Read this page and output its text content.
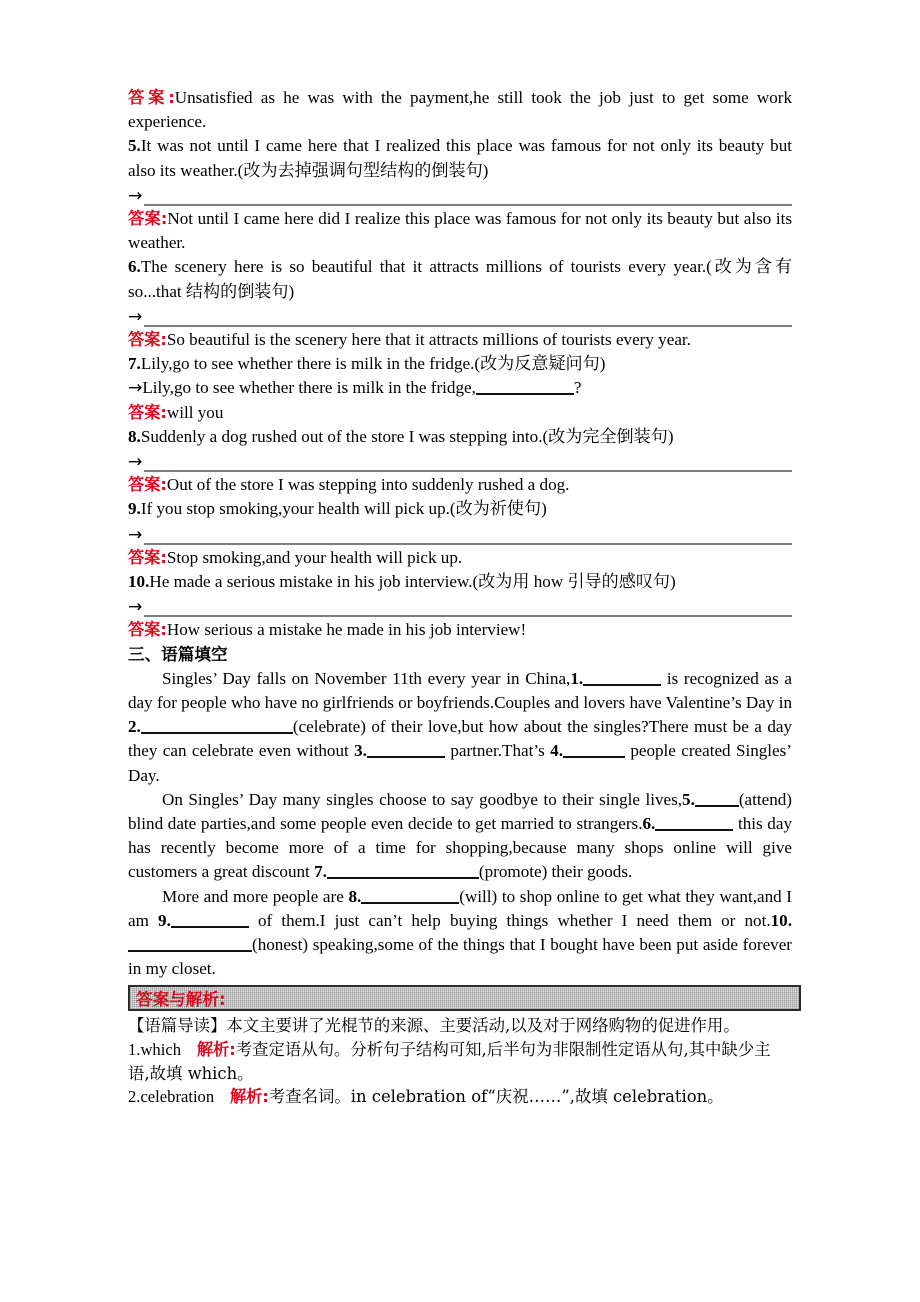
答案:Unsatisfied as he was with the payment,he still took the job just to get some work experience.

5.It was not until I came here that I realized this place was famous for not only its beauty but also its weather.(改为去掉强调句型结构的倒装句)

→

答案:Not until I came here did I realize this place was famous for not only its beauty but also its weather.

6.The scenery here is so beautiful that it attracts millions of tourists every year.(改为含有 so...that 结构的倒装句)

→

答案:So beautiful is the scenery here that it attracts millions of tourists every year.

7.Lily,go to see whether there is milk in the fridge.(改为反意疑问句)

→Lily,go to see whether there is milk in the fridge,	?

答案:will you

8.Suddenly a dog rushed out of the store I was stepping into.(改为完全倒装句)

→

答案:Out of the store I was stepping into suddenly rushed a dog.

9.If you stop smoking,your health will pick up.(改为祈使句)

→

答案:Stop smoking,and your health will pick up.

10.He made a serious mistake in his job interview.(改为用 how 引导的感叹句)

→

答案:How serious a mistake he made in his job interview!

三、语篇填空

Singles’ Day falls on November 11th every year in China,1.	is recognized as a day for people who have no girlfriends or boyfriends.Couples and lovers have Valentine’s Day in 2.	(celebrate) of their love,but how about the singles?There must be a day they can celebrate even without 3.	partner.That’s 4.	people created Singles’ Day.

On Singles’ Day many singles choose to say goodbye to their single lives,5.	(attend) blind date parties,and some people even decide to get married to strangers.6.	this day has recently become more of a time for shopping,because many shops online will give customers a great discount 7.	(promote) their goods.

More and more people are 8.	(will) to shop online to get what they want,and I am 9.	of them.I just can’t help buying things whether I need them or not.10.(honest) speaking,some of the things that I bought have been put aside forever in my closet.

答案与解析:

【语篇导读】本文主要讲了光棍节的来源、主要活动,以及对于网络购物的促进作用。

1.which 解析:考查定语从句。分析句子结构可知,后半句为非限制性定语从句,其中缺少主语,故填 which。

2.celebration 解析:考查名词。in celebration of“庆祝……”,故填 celebration。
